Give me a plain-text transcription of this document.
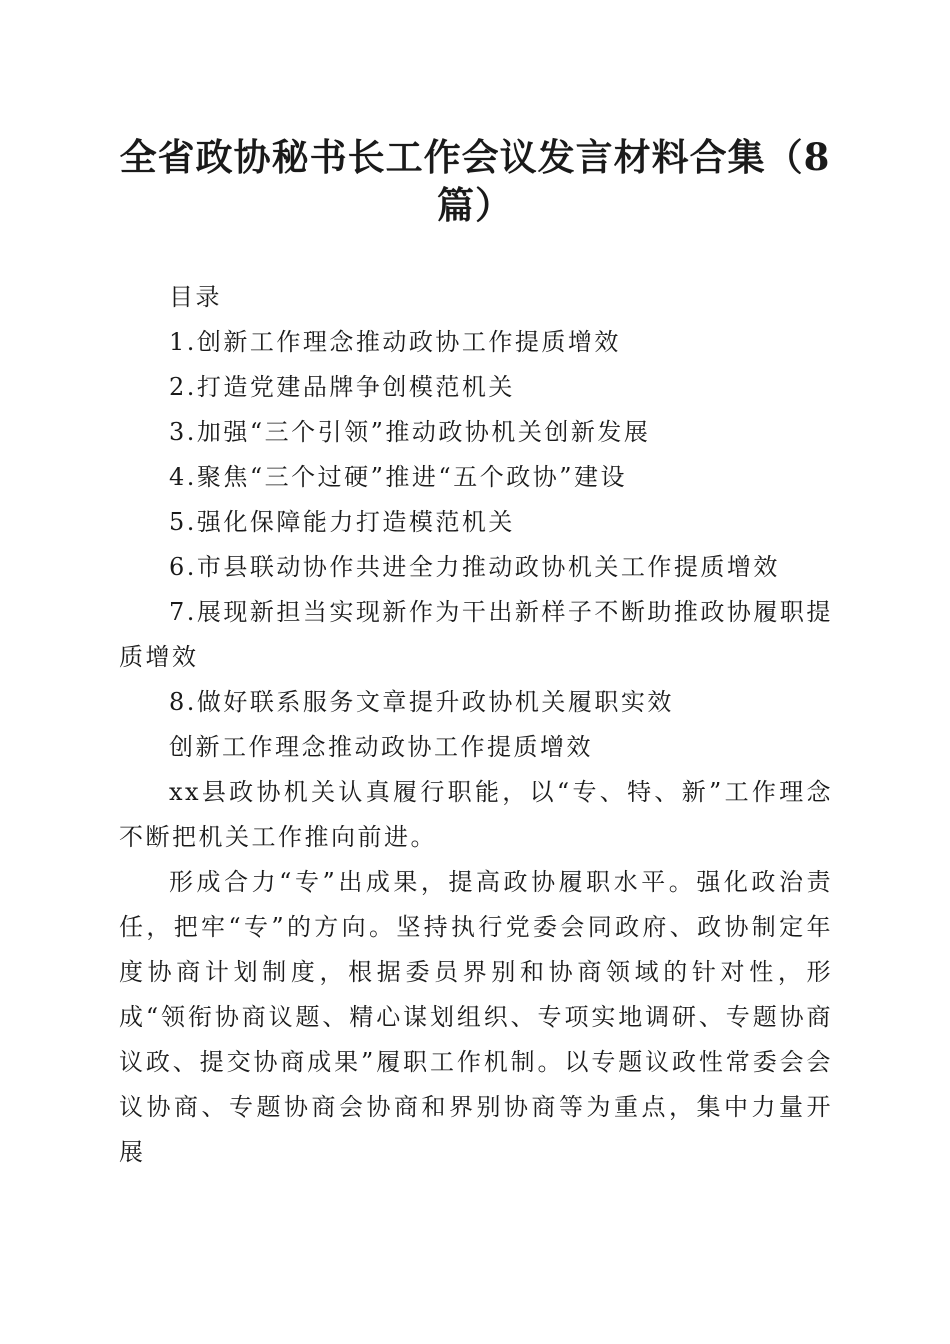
全省政协秘书长工作会议发言材料合集（8篇）

目录

1.创新工作理念推动政协工作提质增效
2.打造党建品牌争创模范机关
3.加强“三个引领”推动政协机关创新发展
4.聚焦“三个过硬”推进“五个政协”建设
5.强化保障能力打造模范机关
6.市县联动协作共进全力推动政协机关工作提质增效
7.展现新担当实现新作为干出新样子不断助推政协履职提质增效
8.做好联系服务文章提升政协机关履职实效

创新工作理念推动政协工作提质增效

xx县政协机关认真履行职能，以“专、特、新”工作理念不断把机关工作推向前进。

形成合力“专”出成果，提高政协履职水平。强化政治责任，把牢“专”的方向。坚持执行党委会同政府、政协制定年度协商计划制度，根据委员界别和协商领域的针对性，形成“领衔协商议题、精心谋划组织、专项实地调研、专题协商议政、提交协商成果”履职工作机制。以专题议政性常委会会议协商、专题协商会协商和界别协商等为重点，集中力量开展
